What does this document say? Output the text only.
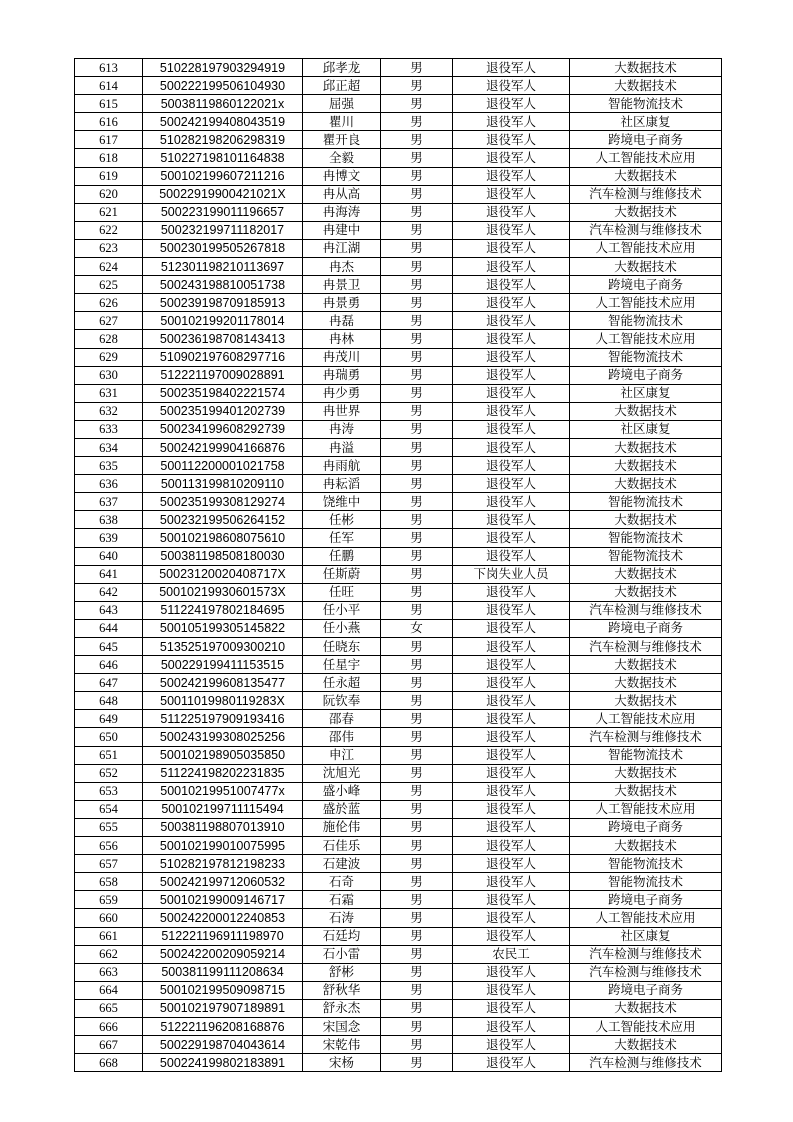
613	510228197903294919	邱孝龙	男	退役军人	大数据技术
614	500222199506104930	邱正超	男	退役军人	大数据技术
615	50038119860122021x	屈强	男	退役军人	智能物流技术
616	500242199408043519	瞿川	男	退役军人	社区康复
617	510282198206298319	瞿开良	男	退役军人	跨境电子商务
618	510227198101164838	全毅	男	退役军人	人工智能技术应用
619	500102199607211216	冉博文	男	退役军人	大数据技术
620	50022919900421021X	冉从高	男	退役军人	汽车检测与维修技术
621	500223199011196657	冉海涛	男	退役军人	大数据技术
622	500232199711182017	冉建中	男	退役军人	汽车检测与维修技术
623	500230199505267818	冉江湖	男	退役军人	人工智能技术应用
624	512301198210113697	冉杰	男	退役军人	大数据技术
625	500243198810051738	冉景卫	男	退役军人	跨境电子商务
626	500239198709185913	冉景勇	男	退役军人	人工智能技术应用
627	500102199201178014	冉磊	男	退役军人	智能物流技术
628	500236198708143413	冉林	男	退役军人	人工智能技术应用
629	510902197608297716	冉茂川	男	退役军人	智能物流技术
630	512221197009028891	冉瑞勇	男	退役军人	跨境电子商务
631	500235198402221574	冉少勇	男	退役军人	社区康复
632	500235199401202739	冉世界	男	退役军人	大数据技术
633	500234199608292739	冉涛	男	退役军人	社区康复
634	500242199904166876	冉溢	男	退役军人	大数据技术
635	500112200001021758	冉雨航	男	退役军人	大数据技术
636	500113199810209110	冉耘滔	男	退役军人	大数据技术
637	500235199308129274	饶维中	男	退役军人	智能物流技术
638	500232199506264152	任彬	男	退役军人	大数据技术
639	500102198608075610	任军	男	退役军人	智能物流技术
640	500381198508180030	任鹏	男	退役军人	智能物流技术
641	50023120020408717X	任斯蔚	男	下岗失业人员	大数据技术
642	50010219930601573X	任旺	男	退役军人	大数据技术
643	511224197802184695	任小平	男	退役军人	汽车检测与维修技术
644	500105199305145822	任小燕	女	退役军人	跨境电子商务
645	513525197009300210	任晓东	男	退役军人	汽车检测与维修技术
646	500229199411153515	任星宇	男	退役军人	大数据技术
647	500242199608135477	任永超	男	退役军人	大数据技术
648	50011019980119283X	阮钦奉	男	退役军人	大数据技术
649	511225197909193416	邵春	男	退役军人	人工智能技术应用
650	500243199308025256	邵伟	男	退役军人	汽车检测与维修技术
651	500102198905035850	申江	男	退役军人	智能物流技术
652	511224198202231835	沈旭光	男	退役军人	大数据技术
653	50010219951007477x	盛小峰	男	退役军人	大数据技术
654	500102199711115494	盛於蓝	男	退役军人	人工智能技术应用
655	500381198807013910	施伦伟	男	退役军人	跨境电子商务
656	500102199010075995	石佳乐	男	退役军人	大数据技术
657	510282197812198233	石建波	男	退役军人	智能物流技术
658	500242199712060532	石奇	男	退役军人	智能物流技术
659	500102199009146717	石霜	男	退役军人	跨境电子商务
660	500242200012240853	石涛	男	退役军人	人工智能技术应用
661	512221196911198970	石廷均	男	退役军人	社区康复
662	500242200209059214	石小雷	男	农民工	汽车检测与维修技术
663	500381199111208634	舒彬	男	退役军人	汽车检测与维修技术
664	500102199509098715	舒秋华	男	退役军人	跨境电子商务
665	500102197907189891	舒永杰	男	退役军人	大数据技术
666	512221196208168876	宋国念	男	退役军人	人工智能技术应用
667	500229198704043614	宋乾伟	男	退役军人	大数据技术
668	500224199802183891	宋杨	男	退役军人	汽车检测与维修技术
